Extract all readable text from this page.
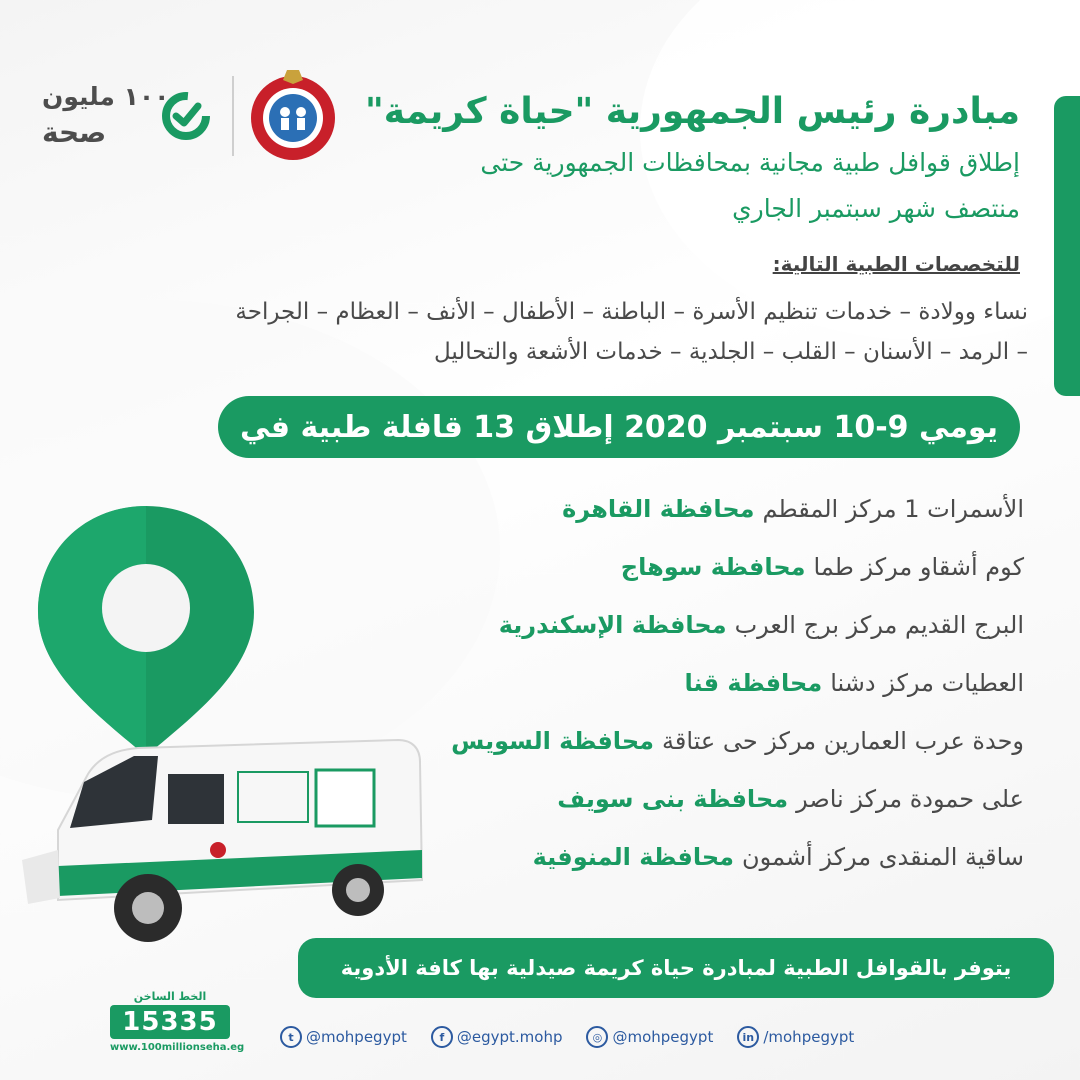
١٠٠ مليون
صحة
مبادرة رئيس الجمهورية "حياة كريمة"
إطلاق قوافل طبية مجانية بمحافظات الجمهورية حتى
منتصف شهر سبتمبر الجاري
للتخصصات الطبية التالية:
نساء وولادة – خدمات تنظيم الأسرة – الباطنة – الأطفال – الأنف – العظام – الجراحة
– الرمد – الأسنان – القلب – الجلدية – خدمات الأشعة والتحاليل
يومي 9-10 سبتمبر 2020 إطلاق 13 قافلة طبية في
الأسمرات 1 مركز المقطم
محافظة القاهرة
كوم أشقاو مركز طما
محافظة سوهاج
البرج القديم مركز برج العرب
محافظة الإسكندرية
العطيات مركز دشنا
محافظة قنا
وحدة عرب العمارين مركز حى عتاقة
محافظة السويس
على حمودة مركز ناصر
محافظة بنى سويف
ساقية المنقدى مركز أشمون
محافظة المنوفية
يتوفر بالقوافل الطبية لمبادرة حياة كريمة صيدلية بها كافة الأدوية
الخط الساخن
15335
www.100millionseha.eg
t @mohpegypt	f @egypt.mohp	◎ @mohpegypt	in /mohpegypt
